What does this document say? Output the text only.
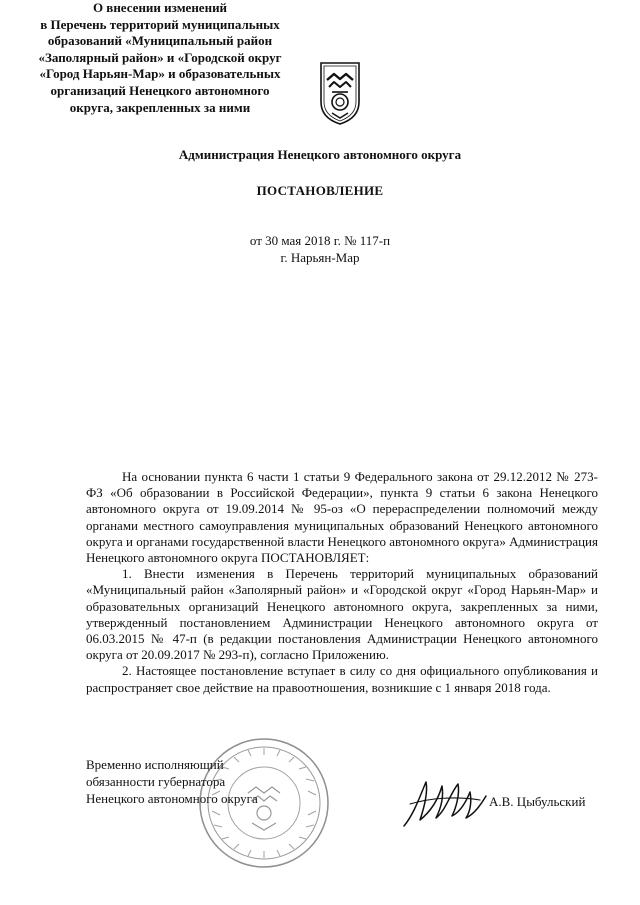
Администрация Ненецкого автономного округа
ПОСТАНОВЛЕНИЕ
от 30 мая 2018 г. № 117-п
г. Нарьян-Мар
О внесении изменений
в Перечень территорий муниципальных
образований «Муниципальный район
«Заполярный район» и «Городской округ
«Город Нарьян-Мар» и образовательных
организаций Ненецкого автономного
округа, закрепленных за ними

На основании пункта 6 части 1 статьи 9 Федерального закона от 29.12.2012 № 273-ФЗ «Об образовании в Российской Федерации», пункта 9 статьи 6 закона Ненецкого автономного округа от 19.09.2014 № 95-оз «О перераспределении полномочий между органами местного самоуправления муниципальных образований Ненецкого автономного округа и органами государственной власти Ненецкого автономного округа» Администрация Ненецкого автономного округа ПОСТАНОВЛЯЕТ:

1. Внести изменения в Перечень территорий муниципальных образований «Муниципальный район «Заполярный район» и «Городской округ «Город Нарьян-Мар» и образовательных организаций Ненецкого автономного округа, закрепленных за ними, утвержденный постановлением Администрации Ненецкого автономного округа от 06.03.2015 № 47-п (в редакции постановления Администрации Ненецкого автономного округа от 20.09.2017 № 293-п), согласно Приложению.

2. Настоящее постановление вступает в силу со дня официального опубликования и распространяет свое действие на правоотношения, возникшие с 1 января 2018 года.

Временно исполняющий
обязанности губернатора
Ненецкого автономного округа	А.В. Цыбульский
